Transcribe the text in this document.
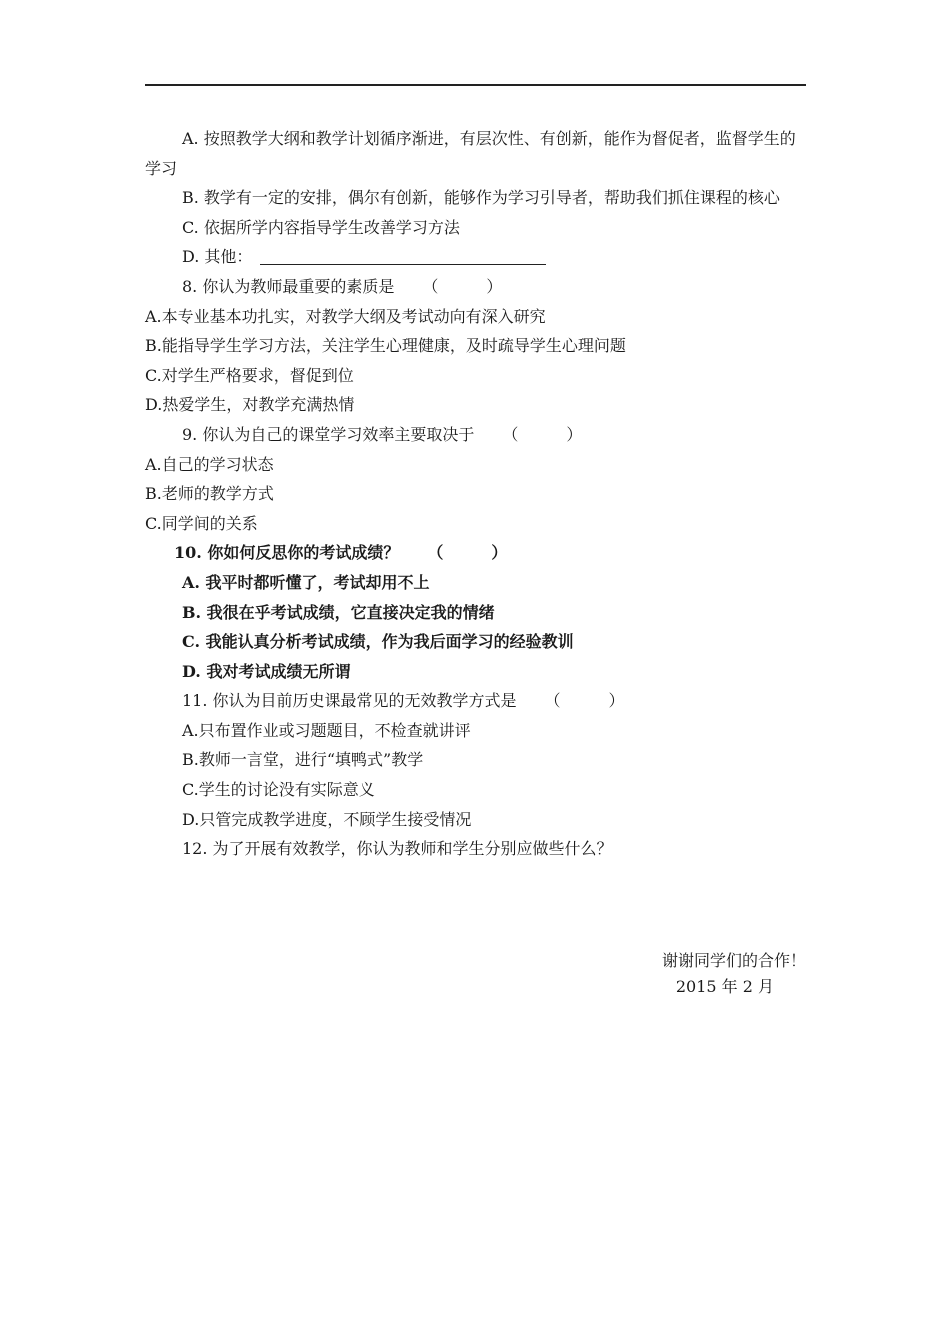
A. 按照教学大纲和教学计划循序渐进，有层次性、有创新，能作为督促者，监督学生的学习
B. 教学有一定的安排，偶尔有创新，能够作为学习引导者，帮助我们抓住课程的核心
C. 依据所学内容指导学生改善学习方法
D. 其他：
8. 你认为教师最重要的素质是 （　　　）
A.本专业基本功扎实，对教学大纲及考试动向有深入研究
B.能指导学生学习方法，关注学生心理健康，及时疏导学生心理问题
C.对学生严格要求，督促到位
D.热爱学生，对教学充满热情
9. 你认为自己的课堂学习效率主要取决于 （　　　）
A.自己的学习状态
B.老师的教学方式
C.同学间的关系
10. 你如何反思你的考试成绩？ （　　　）
A. 我平时都听懂了，考试却用不上
B. 我很在乎考试成绩，它直接决定我的情绪
C. 我能认真分析考试成绩，作为我后面学习的经验教训
D. 我对考试成绩无所谓
11. 你认为目前历史课最常见的无效教学方式是 （　　　）
A.只布置作业或习题题目，不检查就讲评
B.教师一言堂，进行“填鸭式”教学
C.学生的讨论没有实际意义
D.只管完成教学进度，不顾学生接受情况
12. 为了开展有效教学，你认为教师和学生分别应做些什么？
谢谢同学们的合作！
2015 年 2 月
